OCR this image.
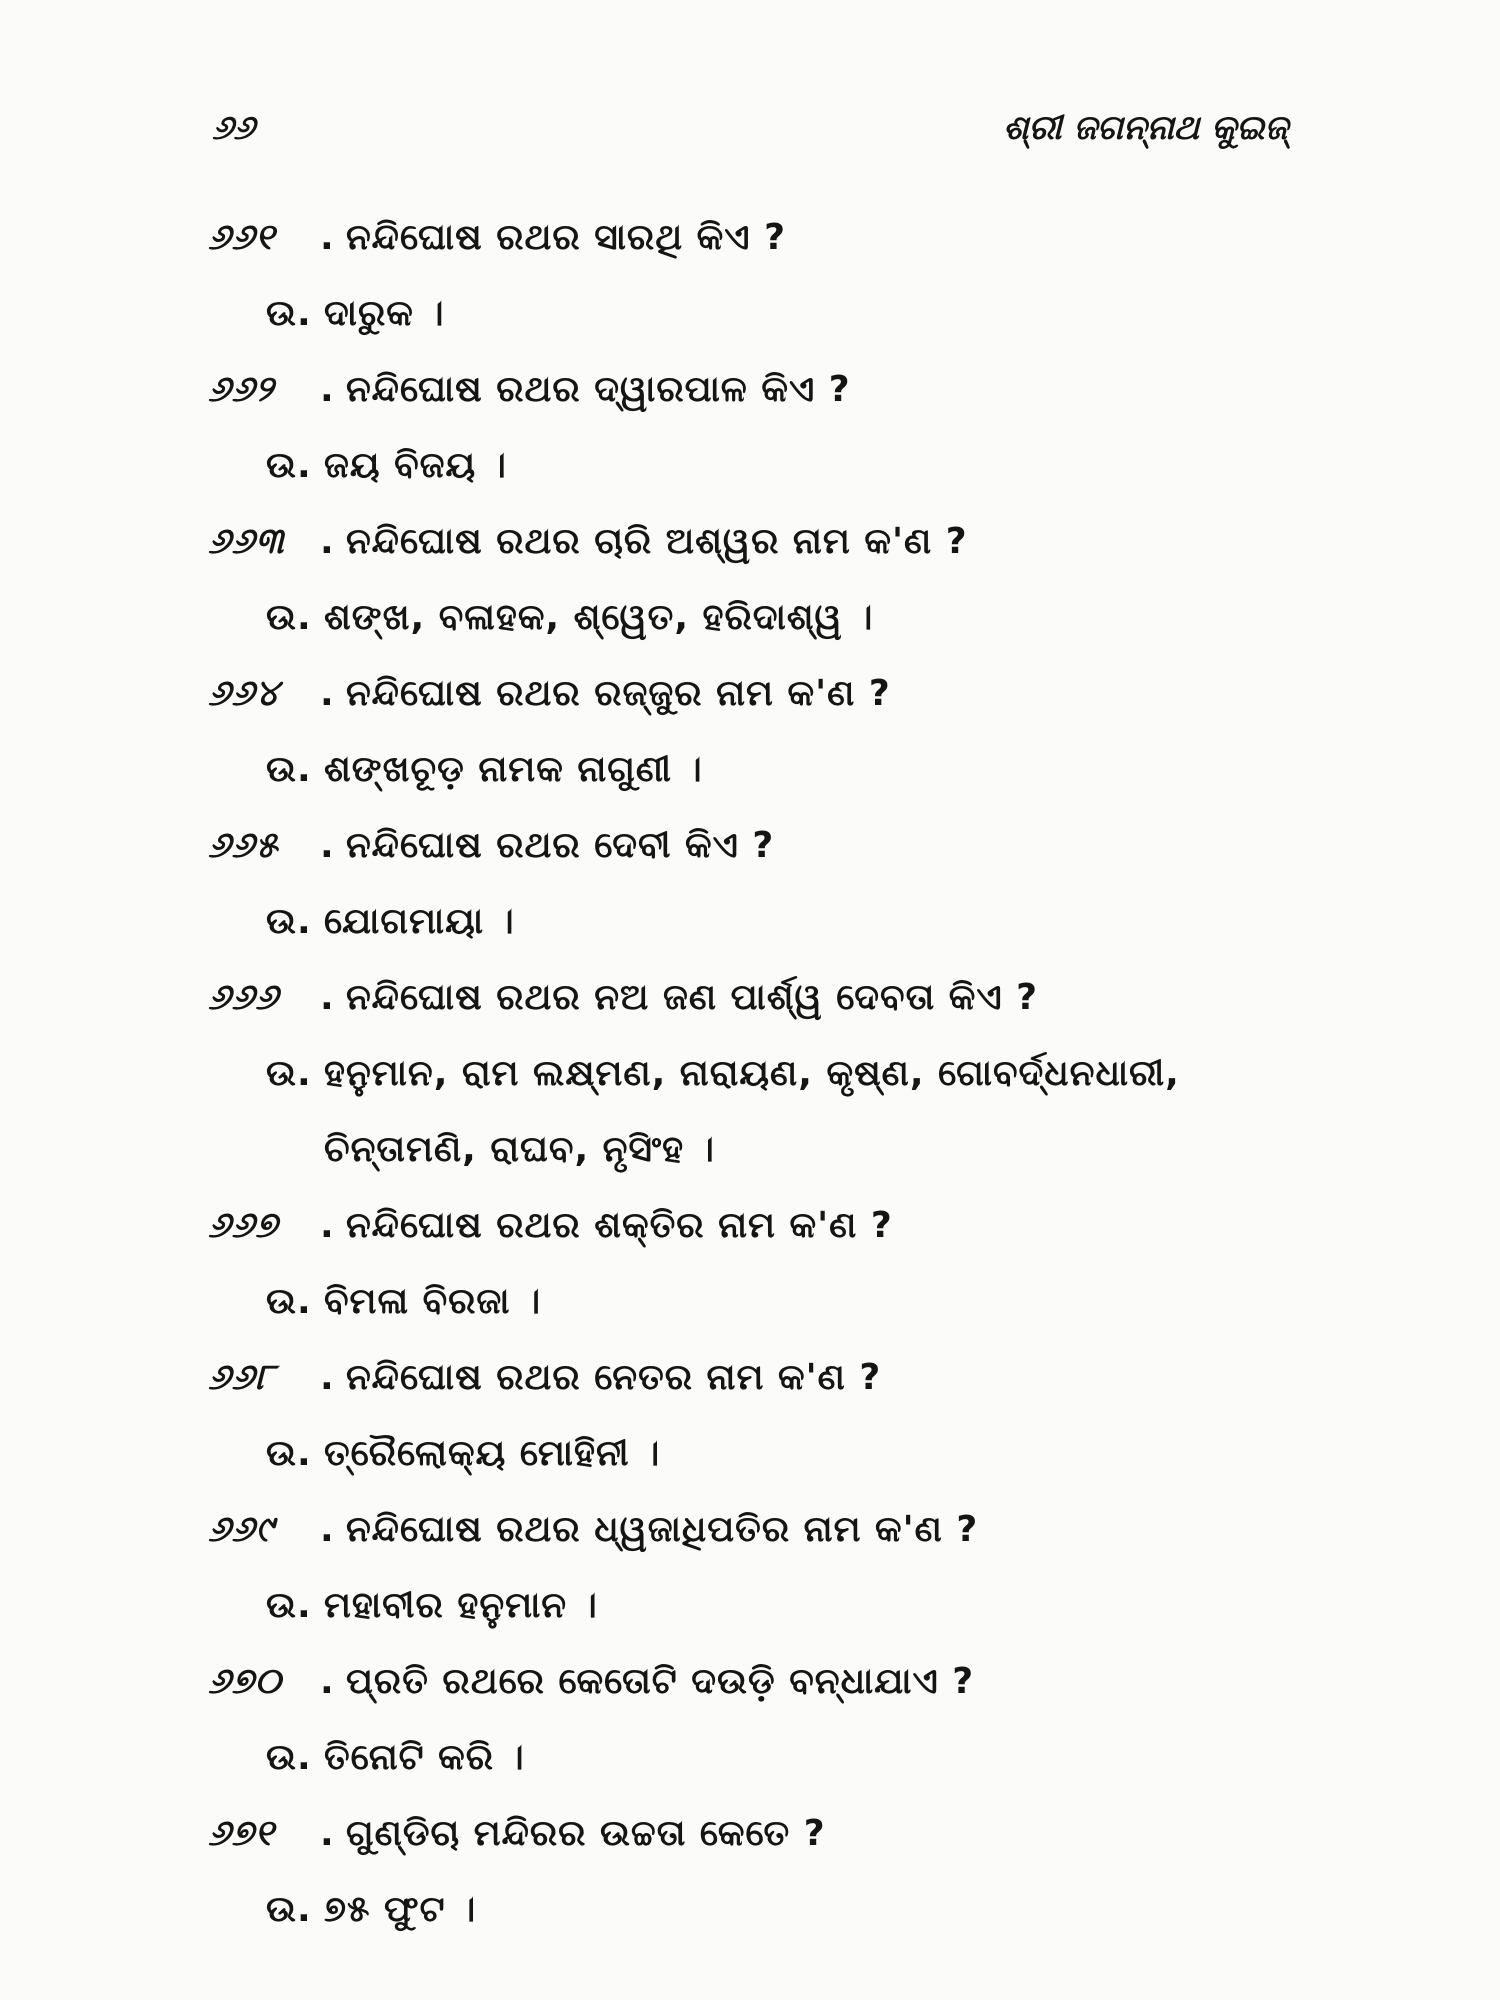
୬୬	ଶ୍ରୀ ଜଗନ୍ନାଥ କୁଇଜ୍
୬୬୧	. ନନ୍ଦିଘୋଷ ରଥର ସାରଥି କିଏ ?
ଉ. ଦାରୁକ ।
୬୬୨	. ନନ୍ଦିଘୋଷ ରଥର ଦ୍ୱାରପାଳ କିଏ ?
ଉ. ଜୟ ବିଜୟ ।
୬୬୩ . ନନ୍ଦିଘୋଷ ରଥର ଚାରି ଅଶ୍ୱର ନାମ କ'ଣ ?
ଉ. ଶଙ୍ଖ, ବଳାହକ, ଶ୍ୱେତ, ହରିଦାଶ୍ୱ ।
୬୬୪	. ନନ୍ଦିଘୋଷ ରଥର ରଜ୍ଜୁର ନାମ କ'ଣ ?
ଉ. ଶଙ୍ଖଚୂଡ଼ ନାମକ ନାଗୁଣୀ ।
୬୬୫	. ନନ୍ଦିଘୋଷ ରଥର ଦେବୀ କିଏ ?
ଉ. ଯୋଗମାୟା ।
୬୬୬	. ନନ୍ଦିଘୋଷ ରଥର ନଅ ଜଣ ପାର୍ଶ୍ୱ ଦେବତା କିଏ ?
ଉ. ହନୁମାନ, ରାମ ଲକ୍ଷ୍ମଣ, ନାରାୟଣ, କୃଷ୍ଣ, ଗୋବର୍ଦ୍ଧନଧାରୀ, ଚିନ୍ତାମଣି, ରାଘବ, ନୃସିଂହ ।
୬୬୭	. ନନ୍ଦିଘୋଷ ରଥର ଶକ୍ତିର ନାମ କ'ଣ ?
ଉ. ବିମଳା ବିରଜା ।
୬୬୮	. ନନ୍ଦିଘୋଷ ରଥର ନେତର ନାମ କ'ଣ ?
ଉ. ତ୍ରୈଲୋକ୍ୟ ମୋହିନୀ ।
୬୬୯	. ନନ୍ଦିଘୋଷ ରଥର ଧ୍ୱଜାଧିପତିର ନାମ କ'ଣ ?
ଉ. ମହାବୀର ହନୁମାନ ।
୬୭୦	. ପ୍ରତି ରଥରେ କେତୋଟି ଦଉଡ଼ି ବନ୍ଧାଯାଏ ?
ଉ. ତିନୋଟି କରି ।
୬୭୧	. ଗୁଣ୍ଡିଚା ମନ୍ଦିରର ଉଚ୍ଚତା କେତେ ?
ଉ. ୭୫ ଫୁଟ ।
